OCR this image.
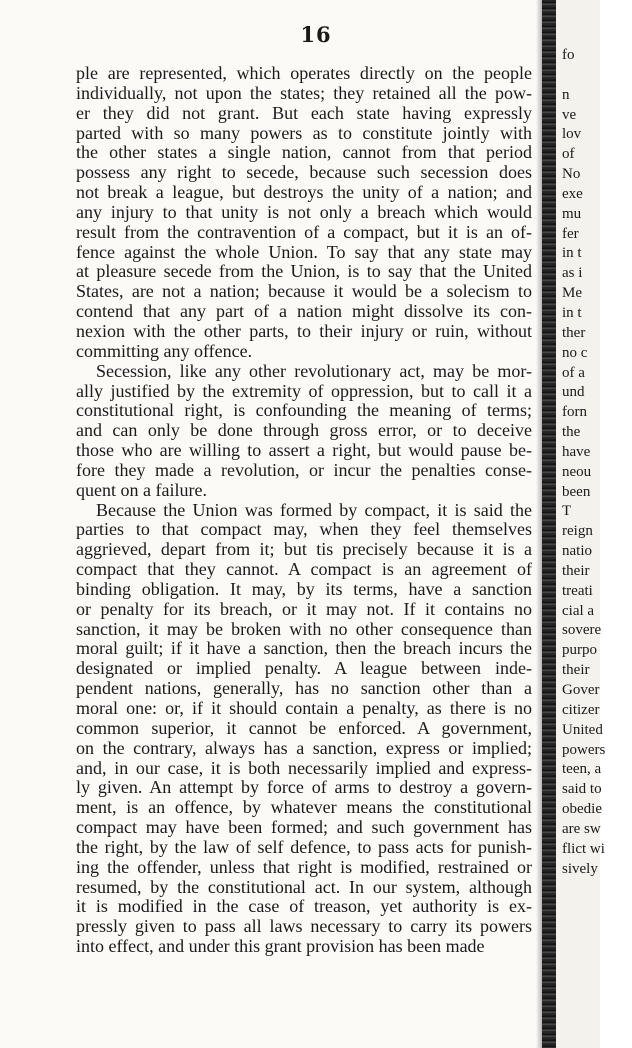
16
ple are represented, which operates directly on the people
individually, not upon the states; they retained all the pow-
er they did not grant. But each state having expressly
parted with so many powers as to constitute jointly with
the other states a single nation, cannot from that period
possess any right to secede, because such secession does
not break a league, but destroys the unity of a nation; and
any injury to that unity is not only a breach which would
result from the contravention of a compact, but it is an of-
fence against the whole Union. To say that any state may
at pleasure secede from the Union, is to say that the United
States, are not a nation; because it would be a solecism to
contend that any part of a nation might dissolve its con-
nexion with the other parts, to their injury or ruin, without
committing any offence.
Secession, like any other revolutionary act, may be mor-
ally justified by the extremity of oppression, but to call it a
constitutional right, is confounding the meaning of terms;
and can only be done through gross error, or to deceive
those who are willing to assert a right, but would pause be-
fore they made a revolution, or incur the penalties conse-
quent on a failure.
Because the Union was formed by compact, it is said the
parties to that compact may, when they feel themselves
aggrieved, depart from it; but tis precisely because it is a
compact that they cannot. A compact is an agreement of
binding obligation. It may, by its terms, have a sanction
or penalty for its breach, or it may not. If it contains no
sanction, it may be broken with no other consequence than
moral guilt; if it have a sanction, then the breach incurs the
designated or implied penalty. A league between inde-
pendent nations, generally, has no sanction other than a
moral one: or, if it should contain a penalty, as there is no
common superior, it cannot be enforced. A government,
on the contrary, always has a sanction, express or implied;
and, in our case, it is both necessarily implied and express-
ly given. An attempt by force of arms to destroy a govern-
ment, is an offence, by whatever means the constitutional
compact may have been formed; and such government has
the right, by the law of self defence, to pass acts for punish-
ing the offender, unless that right is modified, restrained or
resumed, by the constitutional act. In our system, although
it is modified in the case of treason, yet authority is ex-
pressly given to pass all laws necessary to carry its powers
into effect, and under this grant provision has been made
fo
n
ve
lov
of
No
exe
mu
fer
in t
as i
Me
in t
ther
no c
of a
und
forn
the
have
neou
been
T
reign
natio
their
treati
cial a
sovere
purpo
their
Gover
citizer
United
powers
teen, a
said to
obedie
are sw
flict wi
sively
